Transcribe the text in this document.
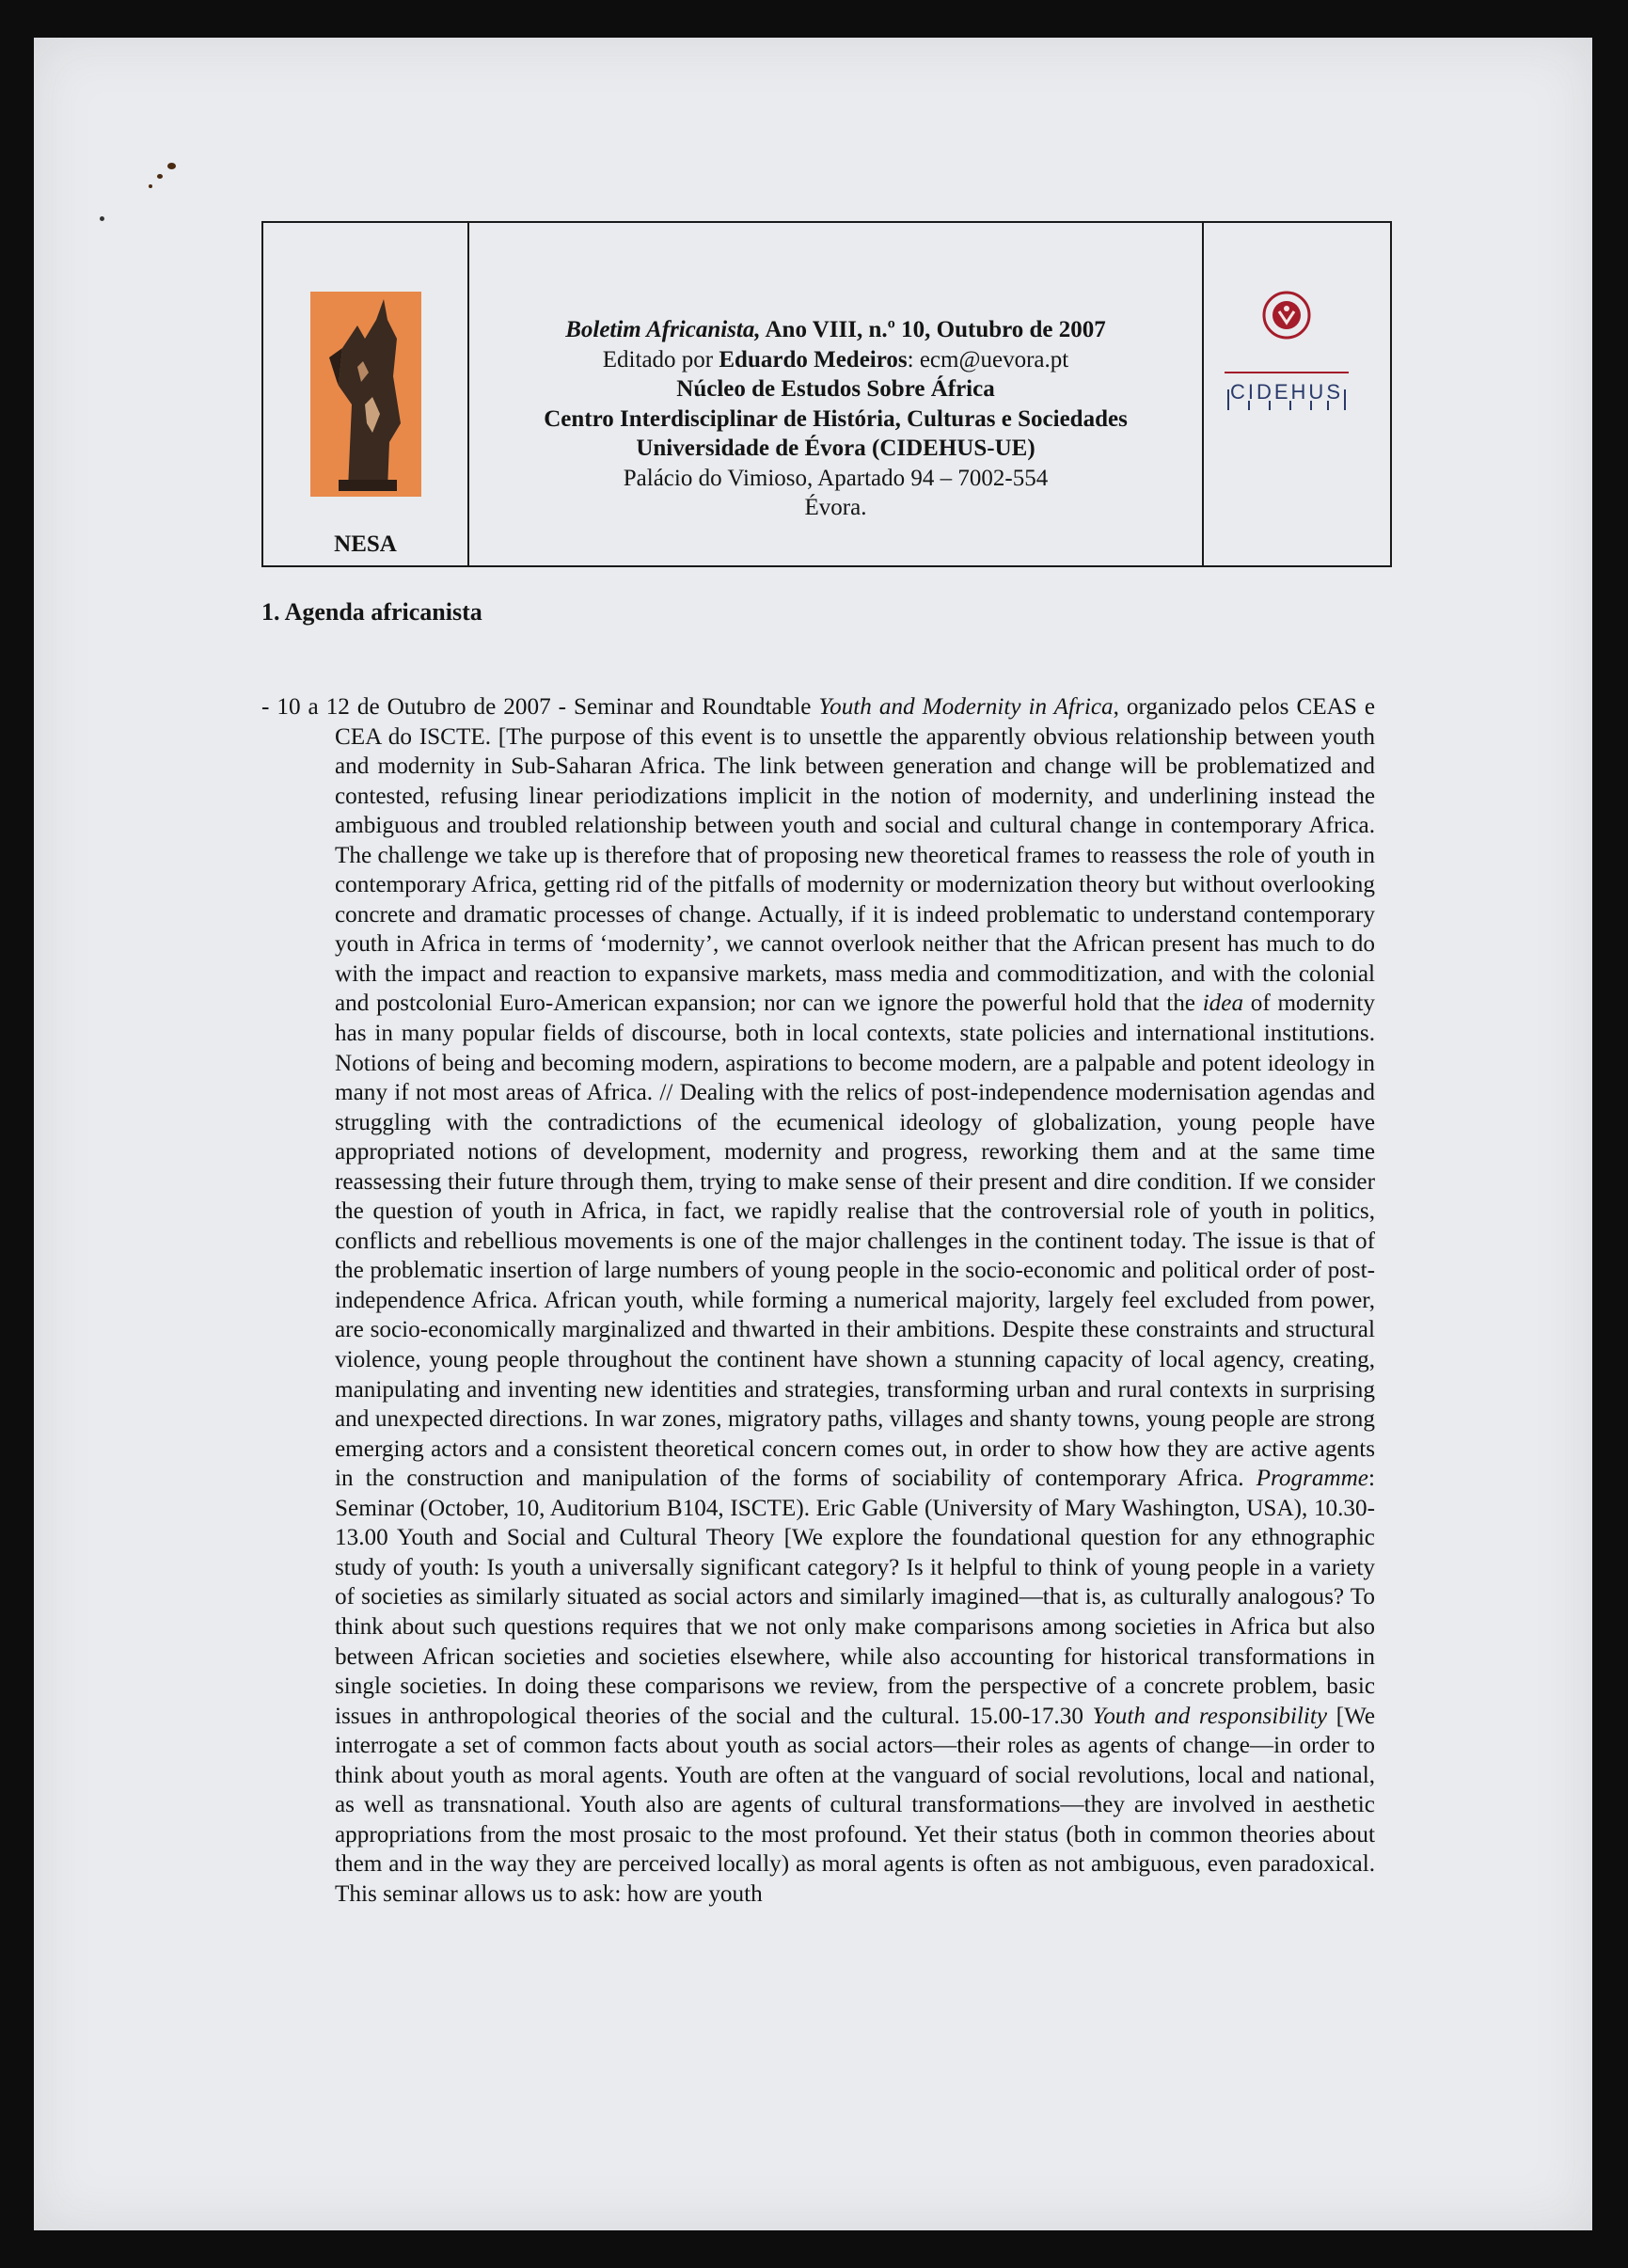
NESA
Boletim Africanista, Ano VIII, n.º 10, Outubro de 2007
Editado por Eduardo Medeiros: ecm@uevora.pt
Núcleo de Estudos Sobre África
Centro Interdisciplinar de História, Culturas e Sociedades
Universidade de Évora (CIDEHUS-UE)
Palácio do Vimioso, Apartado 94 – 7002-554
Évora.
CIDEHUS
1. Agenda africanista
- 10 a 12 de Outubro de 2007 - Seminar and Roundtable Youth and Modernity in Africa, organizado pelos CEAS e CEA do ISCTE. [The purpose of this event is to unsettle the apparently obvious relationship between youth and modernity in Sub-Saharan Africa. The link between generation and change will be problematized and contested, refusing linear periodizations implicit in the notion of modernity, and underlining instead the ambiguous and troubled relationship between youth and social and cultural change in contemporary Africa. The challenge we take up is therefore that of proposing new theoretical frames to reassess the role of youth in contemporary Africa, getting rid of the pitfalls of modernity or modernization theory but without overlooking concrete and dramatic processes of change. Actually, if it is indeed problematic to understand contemporary youth in Africa in terms of ‘modernity’, we cannot overlook neither that the African present has much to do with the impact and reaction to expansive markets, mass media and commoditization, and with the colonial and postcolonial Euro-American expansion; nor can we ignore the powerful hold that the idea of modernity has in many popular fields of discourse, both in local contexts, state policies and international institutions. Notions of being and becoming modern, aspirations to become modern, are a palpable and potent ideology in many if not most areas of Africa. // Dealing with the relics of post-independence modernisation agendas and struggling with the contradictions of the ecumenical ideology of globalization, young people have appropriated notions of development, modernity and progress, reworking them and at the same time reassessing their future through them, trying to make sense of their present and dire condition. If we consider the question of youth in Africa, in fact, we rapidly realise that the controversial role of youth in politics, conflicts and rebellious movements is one of the major challenges in the continent today. The issue is that of the problematic insertion of large numbers of young people in the socio-economic and political order of post-independence Africa. African youth, while forming a numerical majority, largely feel excluded from power, are socio-economically marginalized and thwarted in their ambitions. Despite these constraints and structural violence, young people throughout the continent have shown a stunning capacity of local agency, creating, manipulating and inventing new identities and strategies, transforming urban and rural contexts in surprising and unexpected directions. In war zones, migratory paths, villages and shanty towns, young people are strong emerging actors and a consistent theoretical concern comes out, in order to show how they are active agents in the construction and manipulation of the forms of sociability of contemporary Africa. Programme: Seminar (October, 10, Auditorium B104, ISCTE). Eric Gable (University of Mary Washington, USA), 10.30-13.00 Youth and Social and Cultural Theory [We explore the foundational question for any ethnographic study of youth: Is youth a universally significant category? Is it helpful to think of young people in a variety of societies as similarly situated as social actors and similarly imagined—that is, as culturally analogous? To think about such questions requires that we not only make comparisons among societies in Africa but also between African societies and societies elsewhere, while also accounting for historical transformations in single societies. In doing these comparisons we review, from the perspective of a concrete problem, basic issues in anthropological theories of the social and the cultural. 15.00-17.30 Youth and responsibility [We interrogate a set of common facts about youth as social actors—their roles as agents of change—in order to think about youth as moral agents. Youth are often at the vanguard of social revolutions, local and national, as well as transnational. Youth also are agents of cultural transformations—they are involved in aesthetic appropriations from the most prosaic to the most profound. Yet their status (both in common theories about them and in the way they are perceived locally) as moral agents is often as not ambiguous, even paradoxical. This seminar allows us to ask: how are youth
